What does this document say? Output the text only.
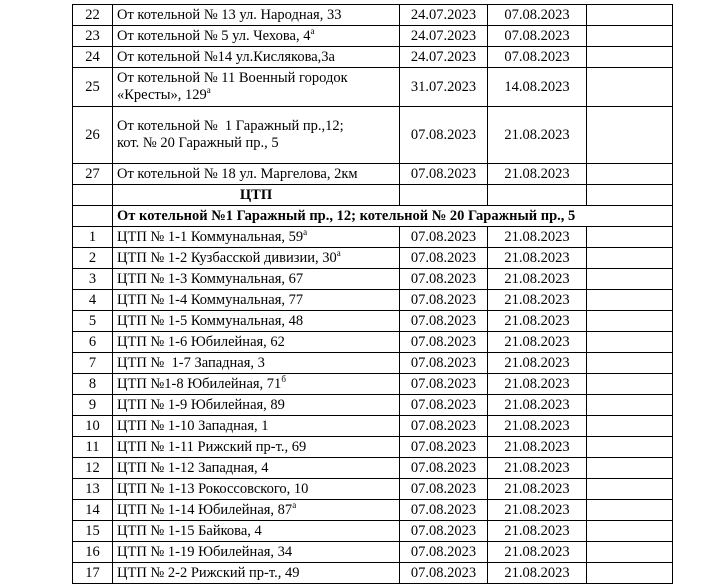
22	От котельной № 13 ул. Народная, 33	24.07.2023	07.08.2023	
23	От котельной № 5 ул. Чехова, $4^а$	24.07.2023	07.08.2023	
24	От котельной №14 ул.Кислякова,3а	24.07.2023	07.08.2023	
25	От котельной № 11 Военный городок
«Кресты», $129^а$	31.07.2023	14.08.2023	
26	От котельной №  1 Гаражный пр.,12;
кот. № 20 Гаражный пр., 5	07.08.2023	21.08.2023	
27	От котельной № 18 ул. Маргелова, 2км	07.08.2023	21.08.2023	
	ЦТП			
	От котельной №1 Гаражный пр., 12; котельной № 20 Гаражный пр., 5			
1	ЦТП № 1-1 Коммунальная, $59^а$	07.08.2023	21.08.2023	
2	ЦТП № 1-2 Кузбасской дивизии, $30^а$	07.08.2023	21.08.2023	
3	ЦТП № 1-3 Коммунальная, 67	07.08.2023	21.08.2023	
4	ЦТП № 1-4 Коммунальная, 77	07.08.2023	21.08.2023	
5	ЦТП № 1-5 Коммунальная, 48	07.08.2023	21.08.2023	
6	ЦТП № 1-6 Юбилейная, 62	07.08.2023	21.08.2023	
7	ЦТП №  1-7 Западная, 3	07.08.2023	21.08.2023	
8	ЦТП №1-8 Юбилейная, $71^б$	07.08.2023	21.08.2023	
9	ЦТП № 1-9 Юбилейная, 89	07.08.2023	21.08.2023	
10	ЦТП № 1-10 Западная, 1	07.08.2023	21.08.2023	
11	ЦТП № 1-11 Рижский пр-т., 69	07.08.2023	21.08.2023	
12	ЦТП № 1-12 Западная, 4	07.08.2023	21.08.2023	
13	ЦТП № 1-13 Рокоссовского, 10	07.08.2023	21.08.2023	
14	ЦТП № 1-14 Юбилейная, $87^а$	07.08.2023	21.08.2023	
15	ЦТП № 1-15 Байкова, 4	07.08.2023	21.08.2023	
16	ЦТП № 1-19 Юбилейная, 34	07.08.2023	21.08.2023	
17	ЦТП № 2-2 Рижский пр-т., 49	07.08.2023	21.08.2023	
